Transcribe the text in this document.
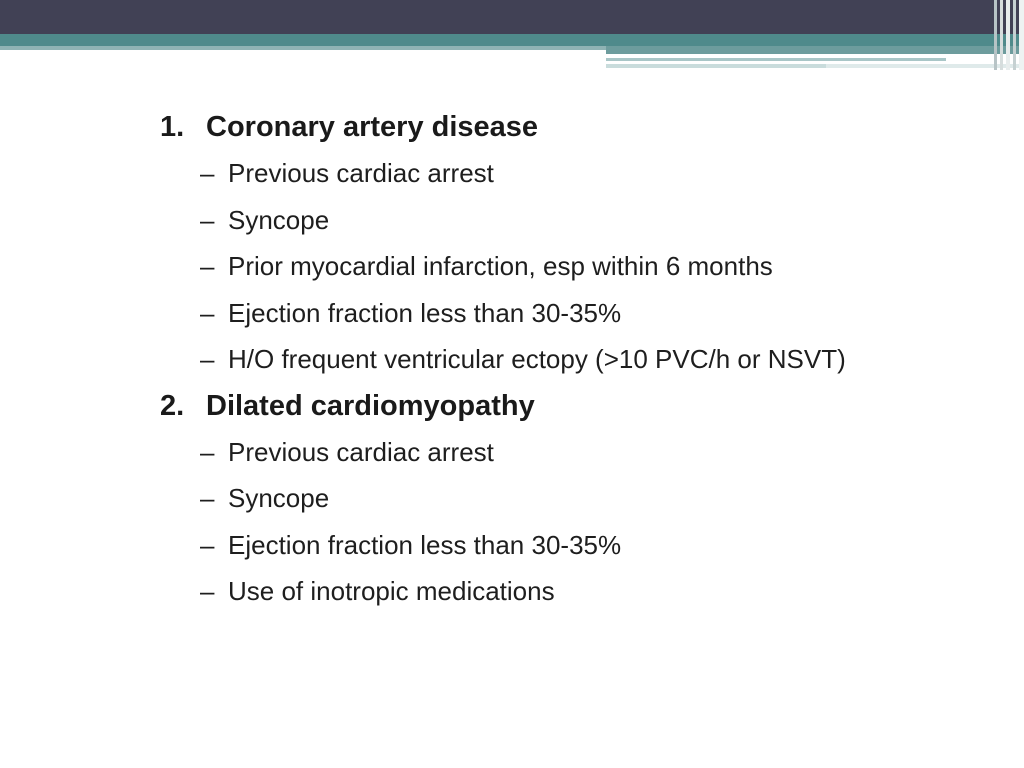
1. Coronary artery disease
– Previous cardiac arrest
– Syncope
– Prior myocardial infarction, esp within 6 months
– Ejection fraction less than 30-35%
– H/O frequent ventricular ectopy (>10 PVC/h or NSVT)
2. Dilated cardiomyopathy
– Previous cardiac arrest
– Syncope
– Ejection fraction less than 30-35%
– Use of inotropic medications
